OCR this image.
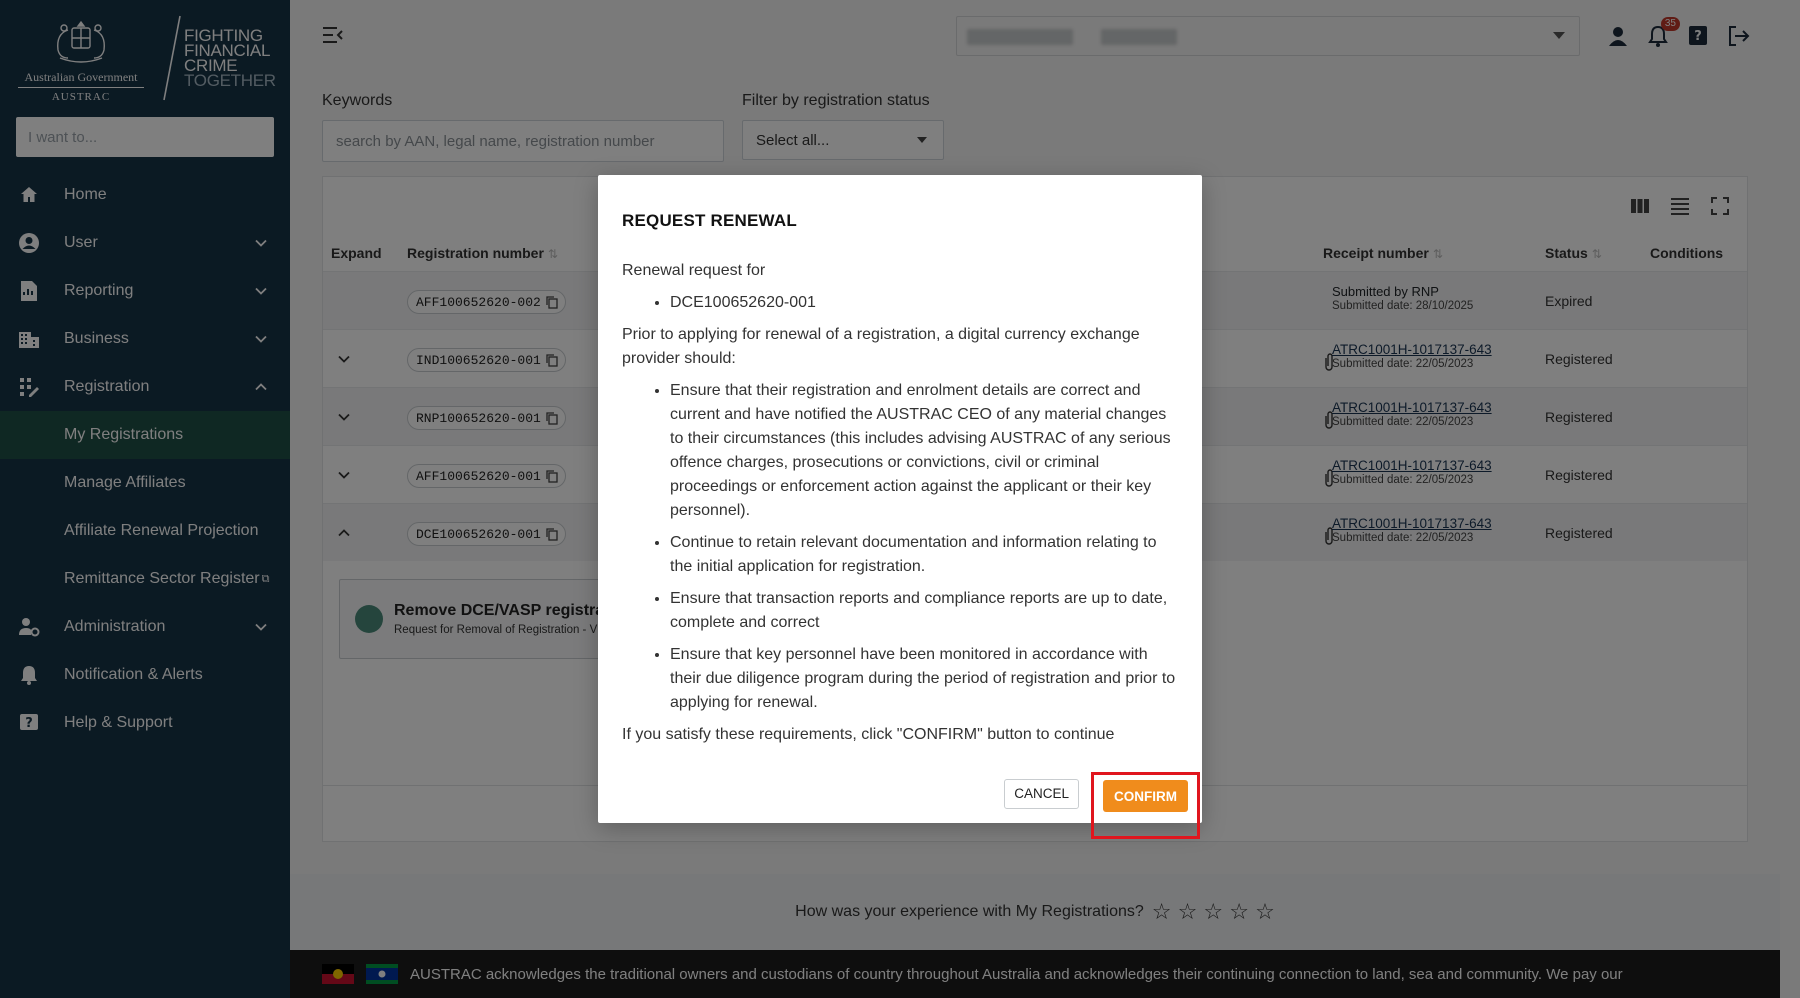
REQUEST RENEWAL

Renewal request for

• DCE100652620-001

Prior to applying for renewal of a registration, a digital currency exchange provider should:

• Ensure that their registration and enrolment details are correct and current and have notified the AUSTRAC CEO of any material changes to their circumstances (this includes advising AUSTRAC of any serious offence charges, prosecutions or convictions, civil or criminal proceedings or enforcement action against the applicant or their key personnel).
• Continue to retain relevant documentation and information relating to the initial application for registration.
• Ensure that transaction reports and compliance reports are up to date, complete and correct
• Ensure that key personnel have been monitored in accordance with their due diligence program during the period of registration and prior to applying for renewal.

If you satisfy these requirements, click "CONFIRM" button to continue

CANCEL	CONFIRM
